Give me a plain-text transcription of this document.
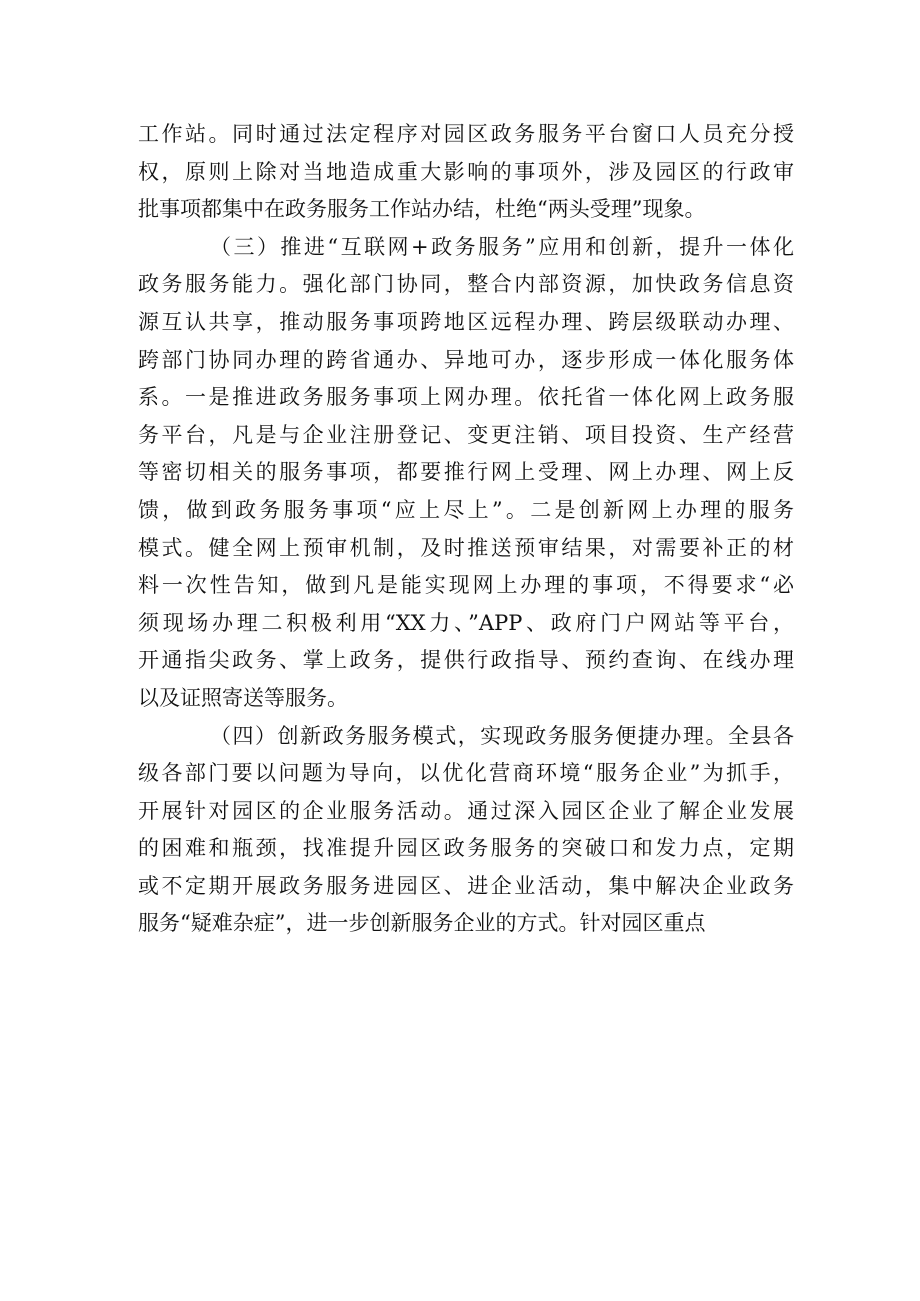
工作站。同时通过法定程序对园区政务服务平台窗口人员充分授
权，原则上除对当地造成重大影响的事项外，涉及园区的行政审
批事项都集中在政务服务工作站办结，杜绝“两头受理”现象。
（三）推进“互联网+政务服务”应用和创新，提升一体化
政务服务能力。强化部门协同，整合内部资源，加快政务信息资
源互认共享，推动服务事项跨地区远程办理、跨层级联动办理、
跨部门协同办理的跨省通办、异地可办，逐步形成一体化服务体
系。一是推进政务服务事项上网办理。依托省一体化网上政务服
务平台，凡是与企业注册登记、变更注销、项目投资、生产经营
等密切相关的服务事项，都要推行网上受理、网上办理、网上反
馈，做到政务服务事项“应上尽上”。二是创新网上办理的服务
模式。健全网上预审机制，及时推送预审结果，对需要补正的材
料一次性告知，做到凡是能实现网上办理的事项，不得要求“必
须现场办理二积极利用“XX力、”APP、政府门户网站等平台，
开通指尖政务、掌上政务，提供行政指导、预约查询、在线办理
以及证照寄送等服务。
（四）创新政务服务模式，实现政务服务便捷办理。全县各
级各部门要以问题为导向，以优化营商环境“服务企业”为抓手，
开展针对园区的企业服务活动。通过深入园区企业了解企业发展
的困难和瓶颈，找准提升园区政务服务的突破口和发力点，定期
或不定期开展政务服务进园区、进企业活动，集中解决企业政务
服务“疑难杂症”，进一步创新服务企业的方式。针对园区重点
